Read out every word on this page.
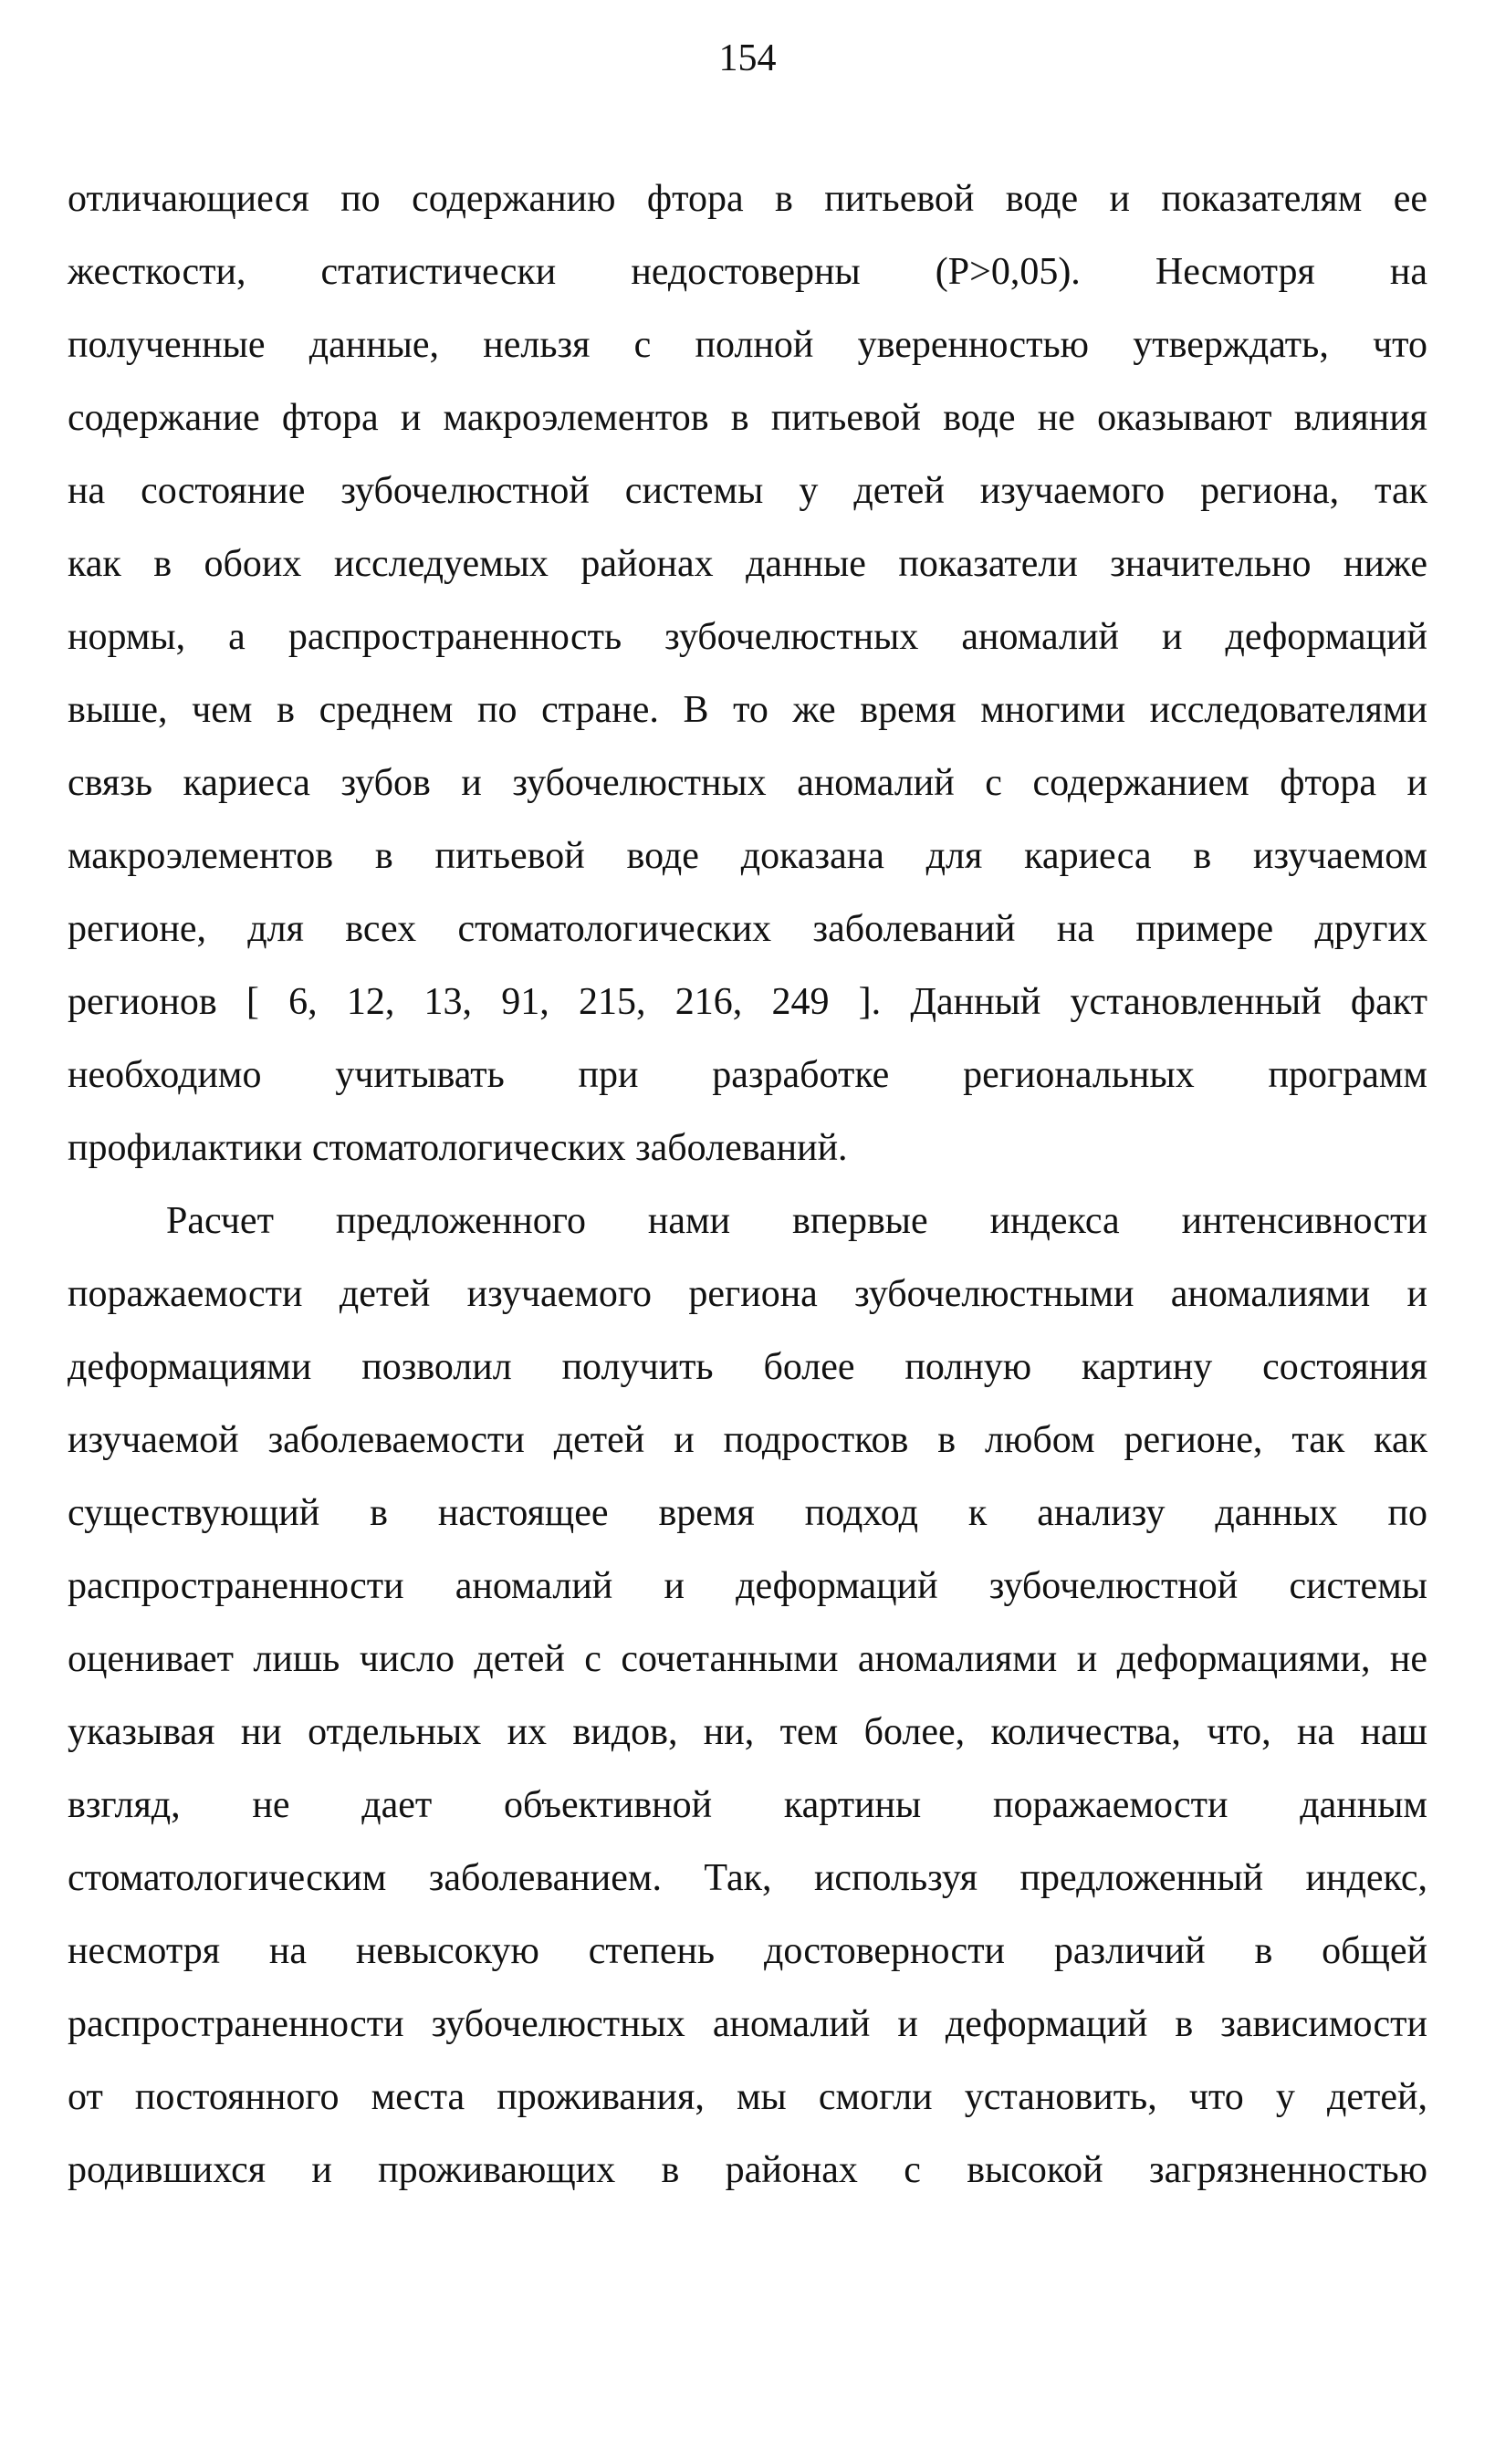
154
отличающиеся по содержанию фтора в питьевой воде и показателям ее
жесткости, статистически недостоверны (Р>0,05). Несмотря на
полученные данные, нельзя с полной уверенностью утверждать, что
содержание фтора и макроэлементов в питьевой воде не оказывают влияния
на состояние зубочелюстной системы у детей изучаемого региона, так
как в обоих исследуемых районах данные показатели значительно ниже
нормы, а распространенность зубочелюстных аномалий и деформаций
выше, чем в среднем по стране. В то же время многими исследователями
связь кариеса зубов и зубочелюстных аномалий с содержанием фтора и
макроэлементов в питьевой воде доказана для кариеса в изучаемом
регионе, для всех стоматологических заболеваний на примере других
регионов [ 6, 12, 13, 91, 215, 216, 249 ]. Данный установленный факт
необходимо учитывать при разработке региональных программ
профилактики стоматологических заболеваний.
Расчет предложенного нами впервые индекса интенсивности
поражаемости детей изучаемого региона зубочелюстными аномалиями и
деформациями позволил получить более полную картину состояния
изучаемой заболеваемости детей и подростков в любом регионе, так как
существующий в настоящее время подход к анализу данных по
распространенности аномалий и деформаций зубочелюстной системы
оценивает лишь число детей с сочетанными аномалиями и деформациями, не
указывая ни отдельных их видов, ни, тем более, количества, что, на наш
взгляд, не дает объективной картины поражаемости данным
стоматологическим заболеванием. Так, используя предложенный индекс,
несмотря на невысокую степень достоверности различий в общей
распространенности зубочелюстных аномалий и деформаций в зависимости
от постоянного места проживания, мы смогли установить, что у детей,
родившихся и проживающих в районах с высокой загрязненностью
